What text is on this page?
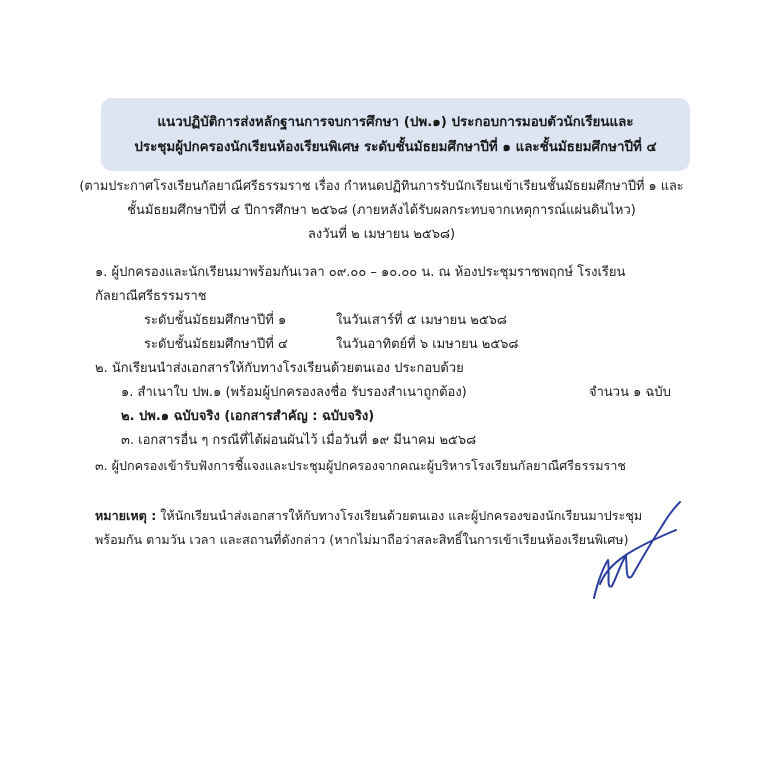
แนวปฏิบัติการส่งหลักฐานการจบการศึกษา (ปพ.๑) ประกอบการมอบตัวนักเรียนและ
ประชุมผู้ปกครองนักเรียนห้องเรียนพิเศษ ระดับชั้นมัธยมศึกษาปีที่ ๑ และชั้นมัธยมศึกษาปีที่ ๔
(ตามประกาศโรงเรียนกัลยาณีศรีธรรมราช เรื่อง กำหนดปฏิทินการรับนักเรียนเข้าเรียนชั้นมัธยมศึกษาปีที่ ๑ และ
ชั้นมัธยมศึกษาปีที่ ๔ ปีการศึกษา ๒๕๖๘ (ภายหลังได้รับผลกระทบจากเหตุการณ์แผ่นดินไหว)
ลงวันที่ ๒ เมษายน ๒๕๖๘)
๑. ผู้ปกครองและนักเรียนมาพร้อมกันเวลา ๐๙.๐๐ – ๑๐.๐๐ น. ณ ห้องประชุมราชพฤกษ์ โรงเรียน
กัลยาณีศรีธรรมราช
ระดับชั้นมัธยมศึกษาปีที่ ๑	ในวันเสาร์ที่ ๕ เมษายน ๒๕๖๘
ระดับชั้นมัธยมศึกษาปีที่ ๔	ในวันอาทิตย์ที่ ๖ เมษายน ๒๕๖๘
๒. นักเรียนนำส่งเอกสารให้กับทางโรงเรียนด้วยตนเอง ประกอบด้วย
๑. สำเนาใบ ปพ.๑ (พร้อมผู้ปกครองลงชื่อ รับรองสำเนาถูกต้อง)	จำนวน ๑ ฉบับ
๒. ปพ.๑ ฉบับจริง (เอกสารสำคัญ : ฉบับจริง)
๓. เอกสารอื่น ๆ กรณีที่ได้ผ่อนผันไว้ เมื่อวันที่ ๑๙ มีนาคม ๒๕๖๘
๓. ผู้ปกครองเข้ารับฟังการชี้แจงและประชุมผู้ปกครองจากคณะผู้บริหารโรงเรียนกัลยาณีศรีธรรมราช
หมายเหตุ : ให้นักเรียนนำส่งเอกสารให้กับทางโรงเรียนด้วยตนเอง และผู้ปกครองของนักเรียนมาประชุม
พร้อมกัน ตามวัน เวลา และสถานที่ดังกล่าว (หากไม่มาถือว่าสละสิทธิ์ในการเข้าเรียนห้องเรียนพิเศษ)
